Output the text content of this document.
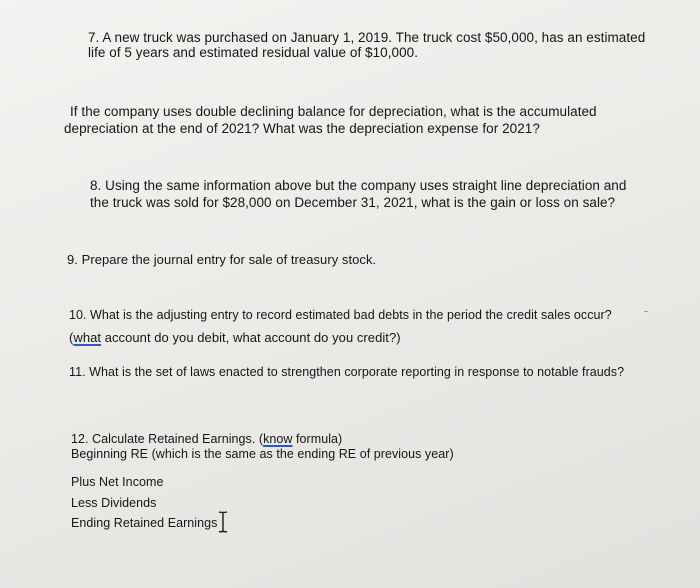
7. A new truck was purchased on January 1, 2019. The truck cost $50,000, has an estimated
life of 5 years and estimated residual value of $10,000.
If the company uses double declining balance for depreciation, what is the accumulated
depreciation at the end of 2021? What was the depreciation expense for 2021?
8. Using the same information above but the company uses straight line depreciation and
the truck was sold for $28,000 on December 31, 2021, what is the gain or loss on sale?
9. Prepare the journal entry for sale of treasury stock.
10. What is the adjusting entry to record estimated bad debts in the period the credit sales occur?
(what account do you debit, what account do you credit?)
11. What is the set of laws enacted to strengthen corporate reporting in response to notable frauds?
12. Calculate Retained Earnings. (know formula)
Beginning RE (which is the same as the ending RE of previous year)
Plus Net Income
Less Dividends
Ending Retained Earnings
